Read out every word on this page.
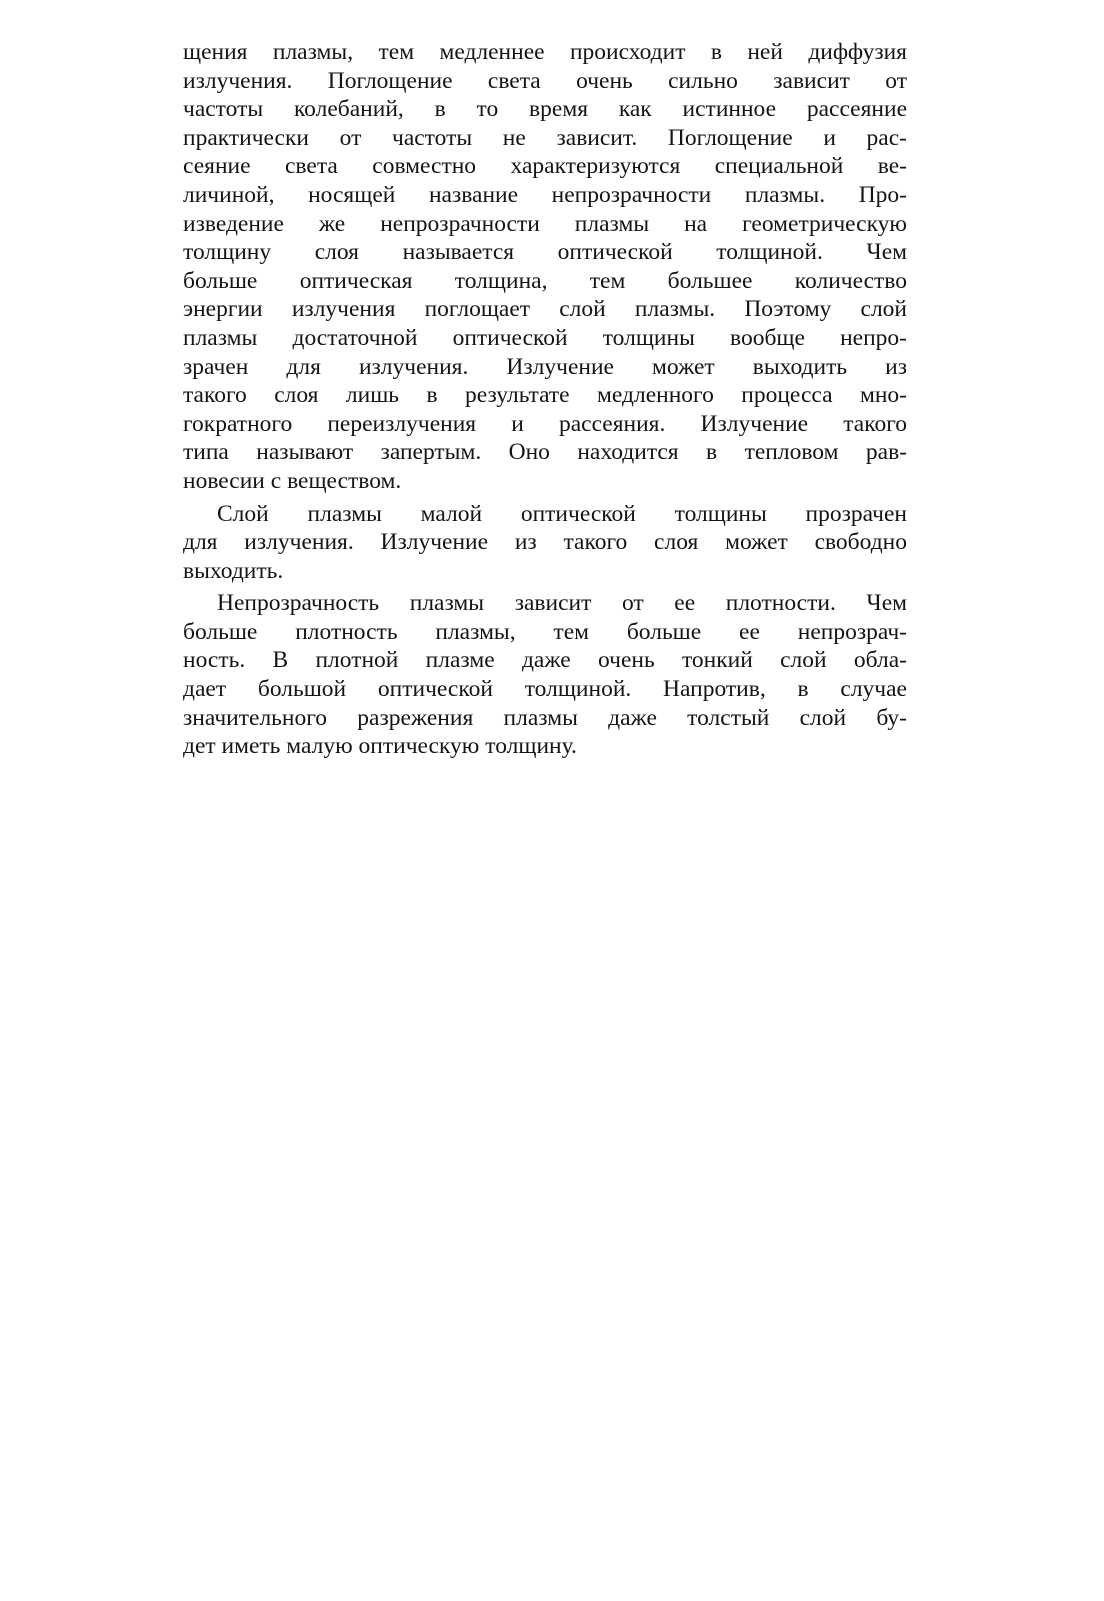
щения плазмы, тем медленнее происходит в ней диффузия
излучения. Поглощение света очень сильно зависит от
частоты колебаний, в то время как истинное рассеяние
практически от частоты не зависит. Поглощение и рас-
сеяние света совместно характеризуются специальной ве-
личиной, носящей название непрозрачности плазмы. Про-
изведение же непрозрачности плазмы на геометрическую
толщину слоя называется оптической толщиной. Чем
больше оптическая толщина, тем большее количество
энергии излучения поглощает слой плазмы. Поэтому слой
плазмы достаточной оптической толщины вообще непро-
зрачен для излучения. Излучение может выходить из
такого слоя лишь в результате медленного процесса мно-
гократного переизлучения и рассеяния. Излучение такого
типа называют запертым. Оно находится в тепловом рав-
новесии с веществом.
Слой плазмы малой оптической толщины прозрачен
для излучения. Излучение из такого слоя может свободно
выходить.
Непрозрачность плазмы зависит от ее плотности. Чем
больше плотность плазмы, тем больше ее непрозрач-
ность. В плотной плазме даже очень тонкий слой обла-
дает большой оптической толщиной. Напротив, в случае
значительного разрежения плазмы даже толстый слой бу-
дет иметь малую оптическую толщину.
